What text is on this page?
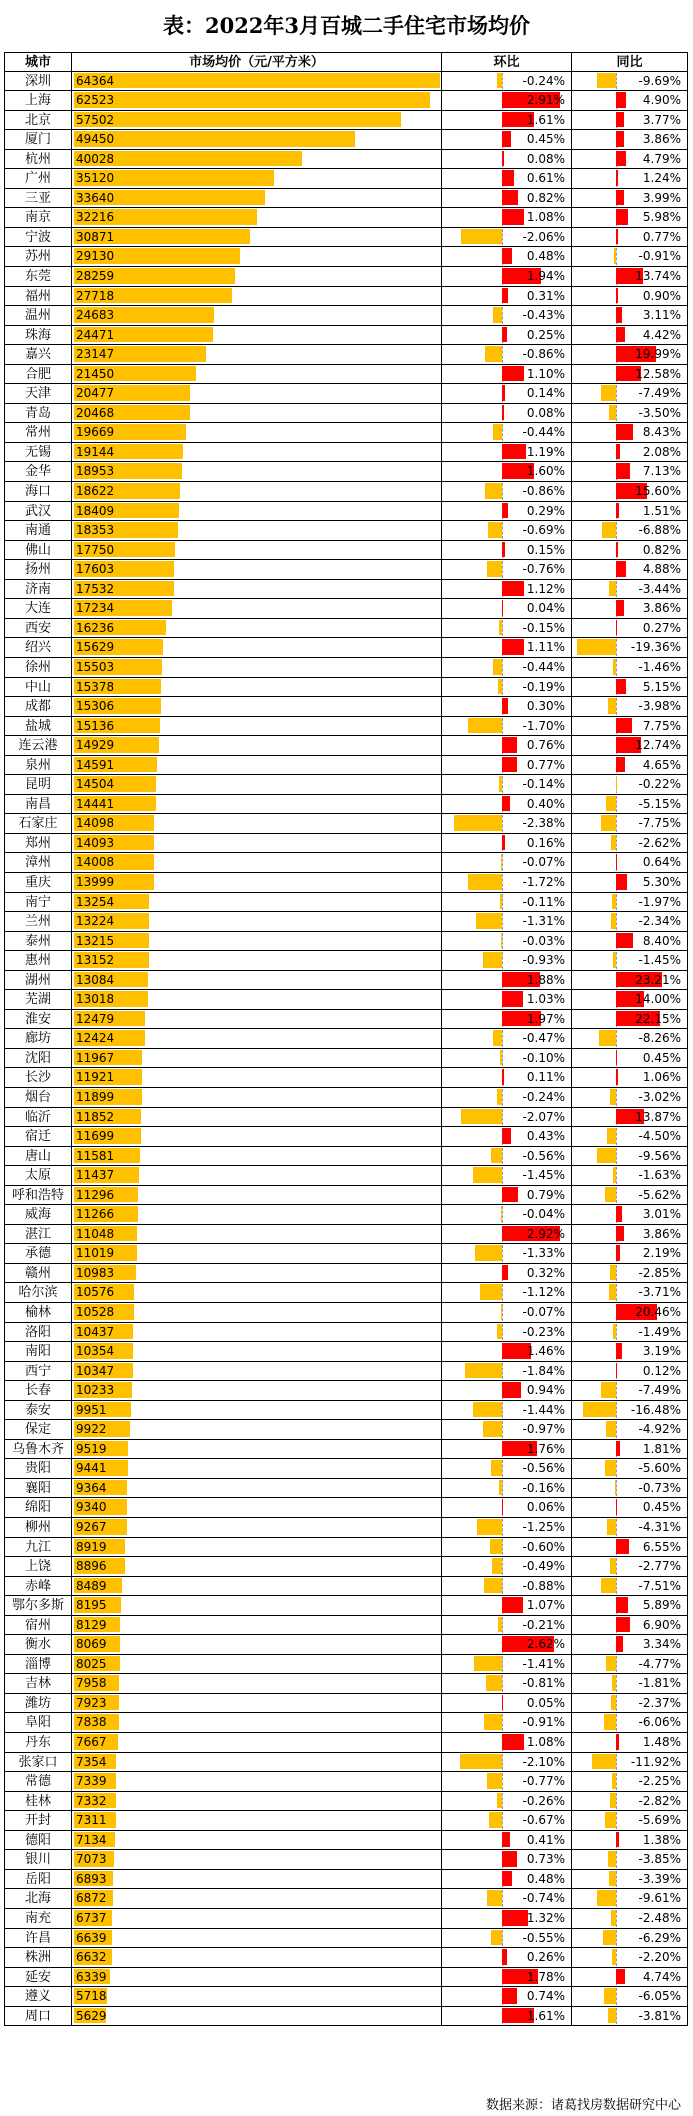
表：2022年3月百城二手住宅市场均价
城市	市场均价（元/平方米）	环比	同比
深圳	64364	-0.24%	-9.69%
上海	62523	2.91%	4.90%
北京	57502	1.61%	3.77%
厦门	49450	0.45%	3.86%
杭州	40028	0.08%	4.79%
广州	35120	0.61%	1.24%
三亚	33640	0.82%	3.99%
南京	32216	1.08%	5.98%
宁波	30871	-2.06%	0.77%
苏州	29130	0.48%	-0.91%
东莞	28259	1.94%	13.74%
福州	27718	0.31%	0.90%
温州	24683	-0.43%	3.11%
珠海	24471	0.25%	4.42%
嘉兴	23147	-0.86%	19.99%
合肥	21450	1.10%	12.58%
天津	20477	0.14%	-7.49%
青岛	20468	0.08%	-3.50%
常州	19669	-0.44%	8.43%
无锡	19144	1.19%	2.08%
金华	18953	1.60%	7.13%
海口	18622	-0.86%	15.60%
武汉	18409	0.29%	1.51%
南通	18353	-0.69%	-6.88%
佛山	17750	0.15%	0.82%
扬州	17603	-0.76%	4.88%
济南	17532	1.12%	-3.44%
大连	17234	0.04%	3.86%
西安	16236	-0.15%	0.27%
绍兴	15629	1.11%	-19.36%
徐州	15503	-0.44%	-1.46%
中山	15378	-0.19%	5.15%
成都	15306	0.30%	-3.98%
盐城	15136	-1.70%	7.75%
连云港	14929	0.76%	12.74%
泉州	14591	0.77%	4.65%
昆明	14504	-0.14%	-0.22%
南昌	14441	0.40%	-5.15%
石家庄	14098	-2.38%	-7.75%
郑州	14093	0.16%	-2.62%
漳州	14008	-0.07%	0.64%
重庆	13999	-1.72%	5.30%
南宁	13254	-0.11%	-1.97%
兰州	13224	-1.31%	-2.34%
泰州	13215	-0.03%	8.40%
惠州	13152	-0.93%	-1.45%
湖州	13084	1.88%	23.21%
芜湖	13018	1.03%	14.00%
淮安	12479	1.97%	22.15%
廊坊	12424	-0.47%	-8.26%
沈阳	11967	-0.10%	0.45%
长沙	11921	0.11%	1.06%
烟台	11899	-0.24%	-3.02%
临沂	11852	-2.07%	13.87%
宿迁	11699	0.43%	-4.50%
唐山	11581	-0.56%	-9.56%
太原	11437	-1.45%	-1.63%
呼和浩特	11296	0.79%	-5.62%
威海	11266	-0.04%	3.01%
湛江	11048	2.92%	3.86%
承德	11019	-1.33%	2.19%
赣州	10983	0.32%	-2.85%
哈尔滨	10576	-1.12%	-3.71%
榆林	10528	-0.07%	20.46%
洛阳	10437	-0.23%	-1.49%
南阳	10354	1.46%	3.19%
西宁	10347	-1.84%	0.12%
长春	10233	0.94%	-7.49%
泰安	9951	-1.44%	-16.48%
保定	9922	-0.97%	-4.92%
乌鲁木齐	9519	1.76%	1.81%
贵阳	9441	-0.56%	-5.60%
襄阳	9364	-0.16%	-0.73%
绵阳	9340	0.06%	0.45%
柳州	9267	-1.25%	-4.31%
九江	8919	-0.60%	6.55%
上饶	8896	-0.49%	-2.77%
赤峰	8489	-0.88%	-7.51%
鄂尔多斯	8195	1.07%	5.89%
宿州	8129	-0.21%	6.90%
衡水	8069	2.62%	3.34%
淄博	8025	-1.41%	-4.77%
吉林	7958	-0.81%	-1.81%
潍坊	7923	0.05%	-2.37%
阜阳	7838	-0.91%	-6.06%
丹东	7667	1.08%	1.48%
张家口	7354	-2.10%	-11.92%
常德	7339	-0.77%	-2.25%
桂林	7332	-0.26%	-2.82%
开封	7311	-0.67%	-5.69%
德阳	7134	0.41%	1.38%
银川	7073	0.73%	-3.85%
岳阳	6893	0.48%	-3.39%
北海	6872	-0.74%	-9.61%
南充	6737	1.32%	-2.48%
许昌	6639	-0.55%	-6.29%
株洲	6632	0.26%	-2.20%
延安	6339	1.78%	4.74%
遵义	5718	0.74%	-6.05%
周口	5629	1.61%	-3.81%
数据来源：诸葛找房数据研究中心
